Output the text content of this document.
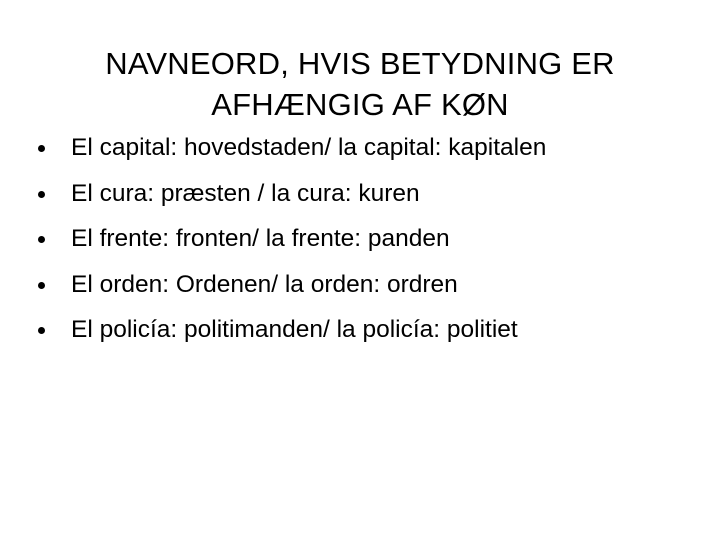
NAVNEORD, HVIS BETYDNING ER
AFHÆNGIG AF KØN
El capital: hovedstaden/ la capital: kapitalen
El cura: præsten / la cura: kuren
El frente: fronten/ la frente: panden
El orden: Ordenen/ la orden: ordren
El policía: politimanden/ la policía: politiet
